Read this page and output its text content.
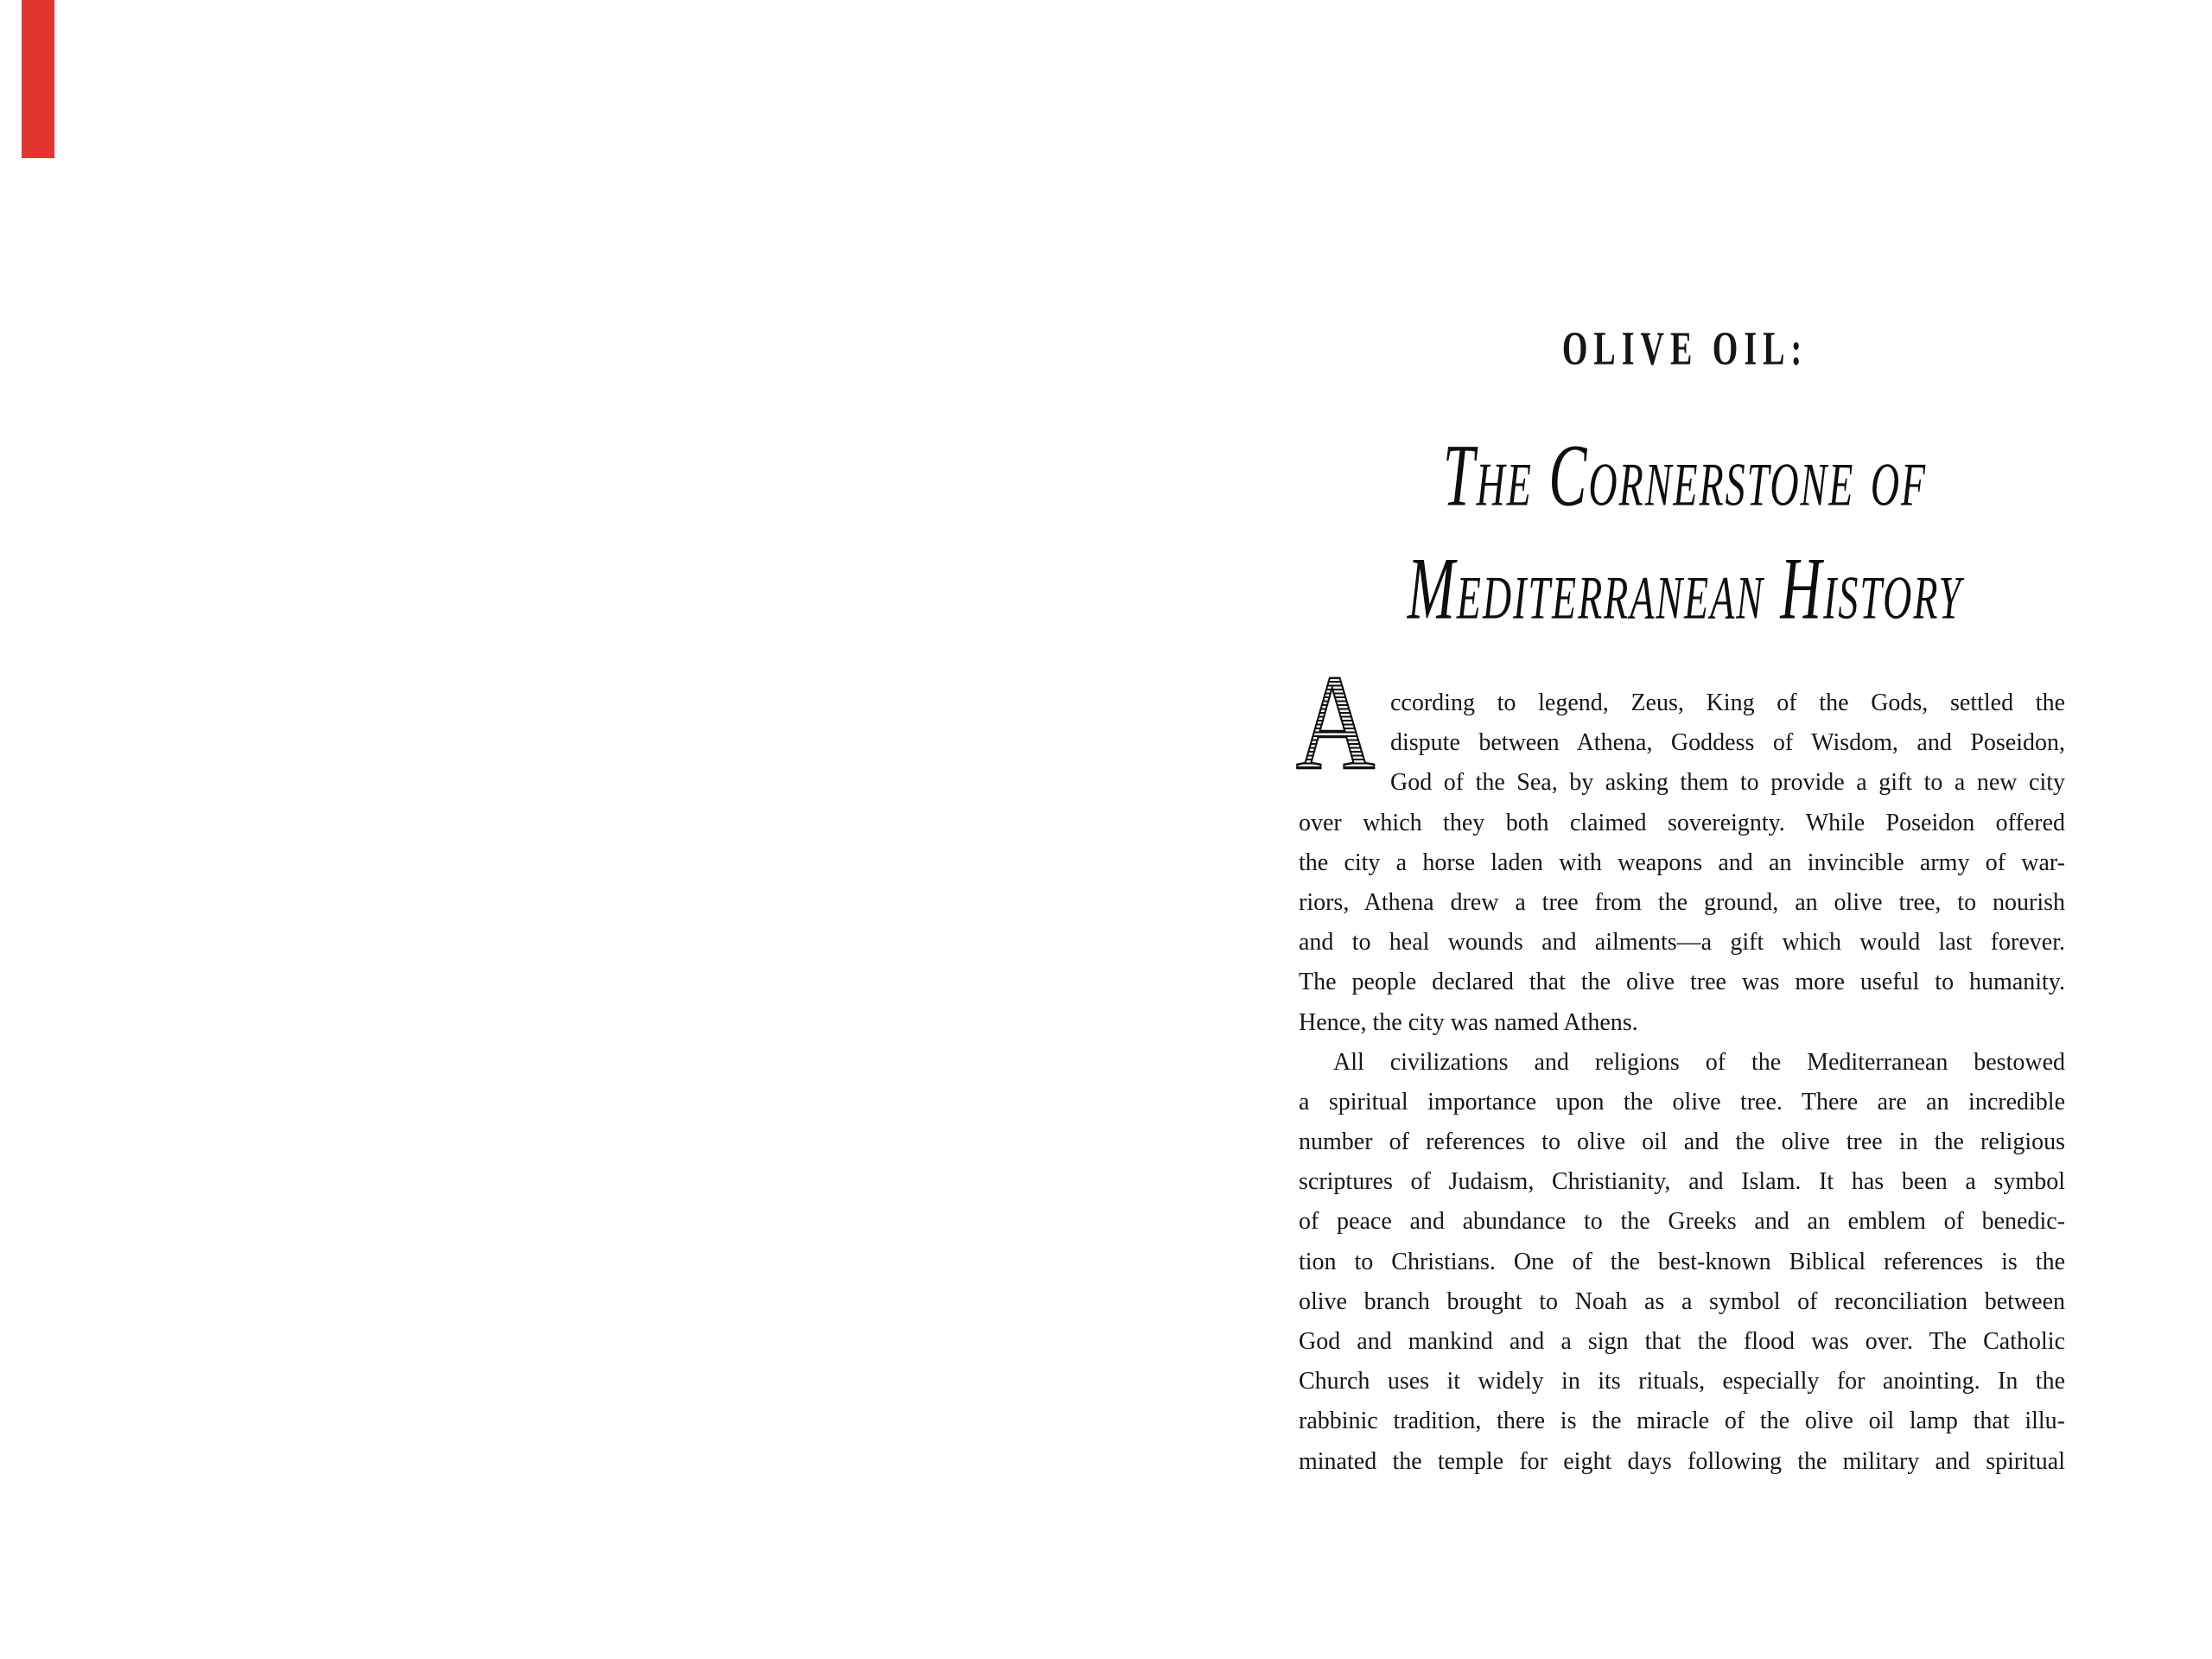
OLIVE OIL:
The Cornerstone of
Mediterranean History
A ccording to legend, Zeus, King of the Gods, settled the
dispute between Athena, Goddess of Wisdom, and Poseidon,
God of the Sea, by asking them to provide a gift to a new city
over which they both claimed sovereignty. While Poseidon offered
the city a horse laden with weapons and an invincible army of war-
riors, Athena drew a tree from the ground, an olive tree, to nourish
and to heal wounds and ailments—a gift which would last forever.
The people declared that the olive tree was more useful to humanity.
Hence, the city was named Athens.
All civilizations and religions of the Mediterranean bestowed
a spiritual importance upon the olive tree. There are an incredible
number of references to olive oil and the olive tree in the religious
scriptures of Judaism, Christianity, and Islam. It has been a symbol
of peace and abundance to the Greeks and an emblem of benedic-
tion to Christians. One of the best-known Biblical references is the
olive branch brought to Noah as a symbol of reconciliation between
God and mankind and a sign that the flood was over. The Catholic
Church uses it widely in its rituals, especially for anointing. In the
rabbinic tradition, there is the miracle of the olive oil lamp that illu-
minated the temple for eight days following the military and spiritual
